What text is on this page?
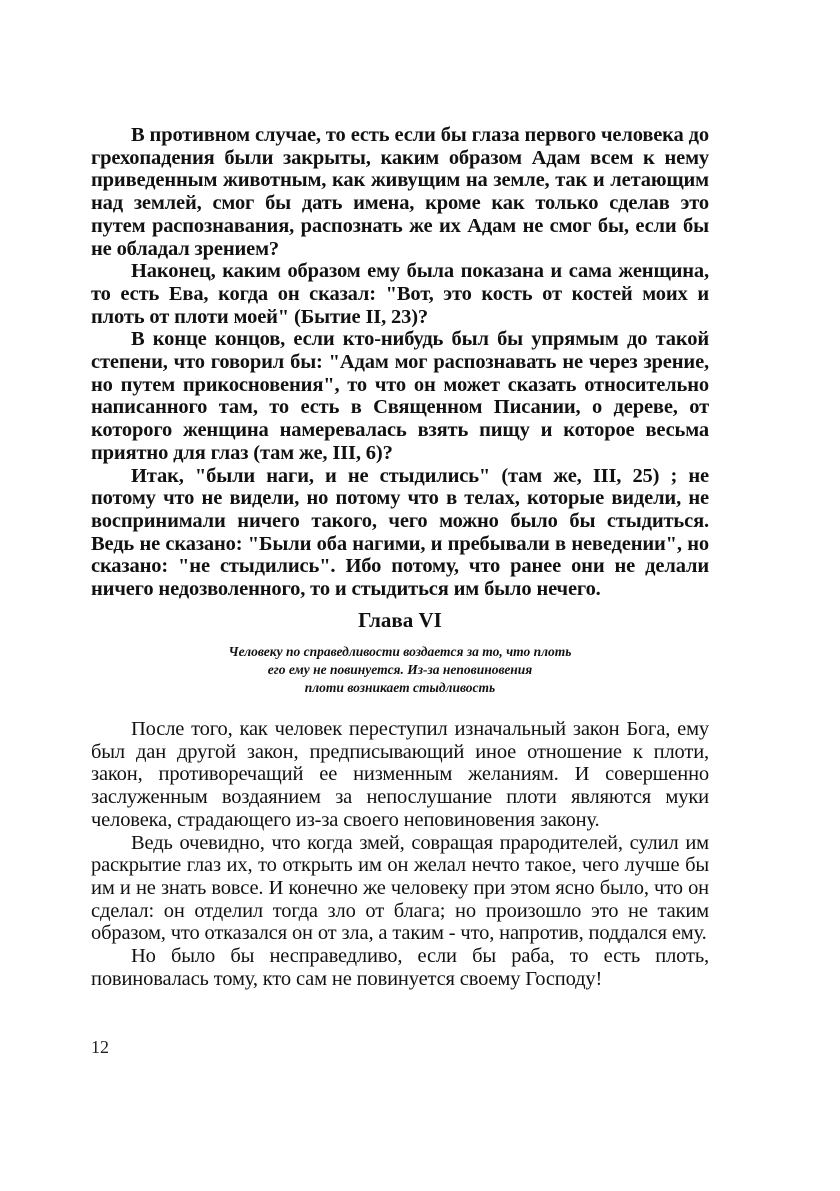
В противном случае, то есть если бы глаза первого человека до грехопадения были закрыты, каким образом Адам всем к нему приведенным животным, как живущим на земле, так и летающим над землей, смог бы дать имена, кроме как только сделав это путем распознавания, распознать же их Адам не смог бы, если бы не обладал зрением?

Наконец, каким образом ему была показана и сама женщина, то есть Ева, когда он сказал: "Вот, это кость от костей моих и плоть от плоти моей" (Бытие II, 23)?

В конце концов, если кто-нибудь был бы упрямым до такой степени, что говорил бы: "Адам мог распознавать не через зрение, но путем прикосновения", то что он может сказать относительно написанного там, то есть в Священном Писании, о дереве, от которого женщина намеревалась взять пищу и которое весьма приятно для глаз (там же, III, 6)?

Итак, "были наги, и не стыдились" (там же, III, 25) ; не потому что не видели, но потому что в телах, которые видели, не воспринимали ничего такого, чего можно было бы стыдиться. Ведь не сказано: "Были оба нагими, и пребывали в неведении", но сказано: "не стыдились". Ибо потому, что ранее они не делали ничего недозволенного, то и стыдиться им было нечего.

Глава VI
Человеку по справедливости воздается за то, что плоть
его ему не повинуется. Из-за неповиновения
плоти возникает стыдливость

После того, как человек переступил изначальный закон Бога, ему был дан другой закон, предписывающий иное отношение к плоти, закон, противоречащий ее низменным желаниям. И совершенно заслуженным воздаянием за непослушание плоти являются муки человека, страдающего из-за своего неповиновения закону.

Ведь очевидно, что когда змей, совращая прародителей, сулил им раскрытие глаз их, то открыть им он желал нечто такое, чего лучше бы им и не знать вовсе. И конечно же человеку при этом ясно было, что он сделал: он отделил тогда зло от блага; но произошло это не таким образом, что отказался он от зла, а таким - что, напротив, поддался ему.

Но было бы несправедливо, если бы раба, то есть плоть, повиновалась тому, кто сам не повинуется своему Господу!

12
